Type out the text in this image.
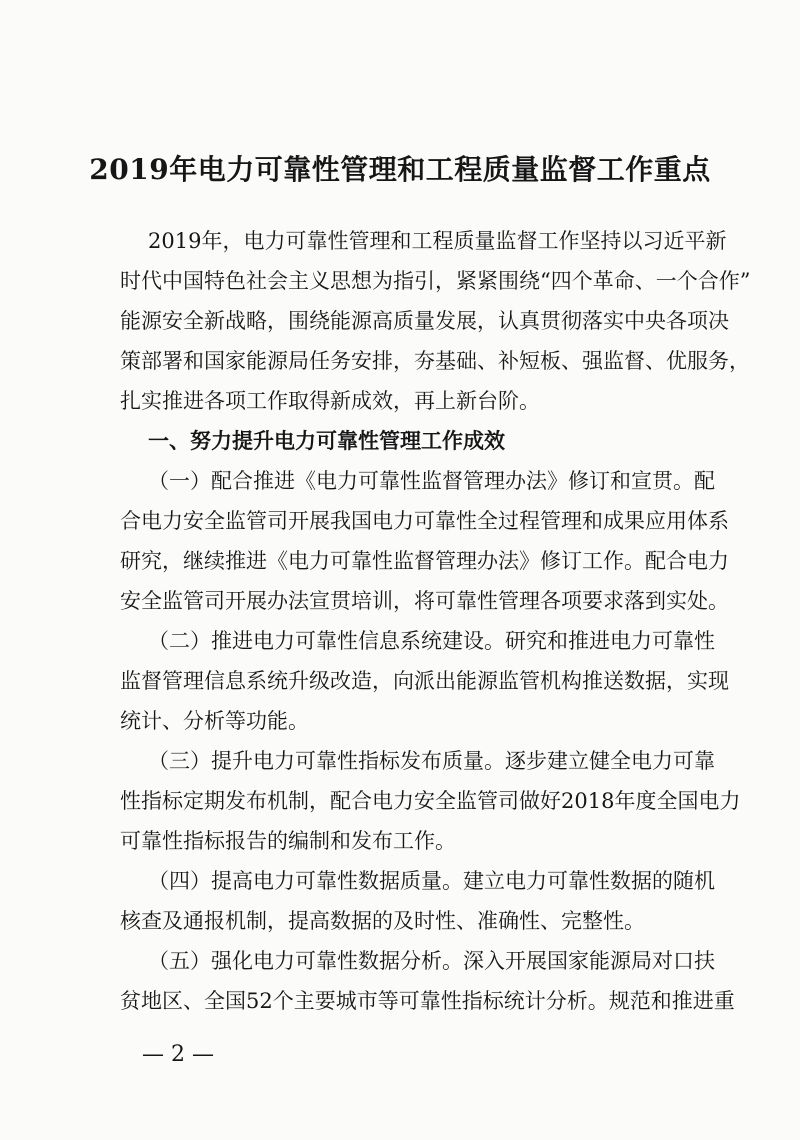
2019年电力可靠性管理和工程质量监督工作重点
2019年，电力可靠性管理和工程质量监督工作坚持以习近平新
时代中国特色社会主义思想为指引，紧紧围绕“四个革命、一个合作”
能源安全新战略，围绕能源高质量发展，认真贯彻落实中央各项决
策部署和国家能源局任务安排，夯基础、补短板、强监督、优服务，
扎实推进各项工作取得新成效，再上新台阶。
一、努力提升电力可靠性管理工作成效
（一）配合推进《电力可靠性监督管理办法》修订和宣贯。配
合电力安全监管司开展我国电力可靠性全过程管理和成果应用体系
研究，继续推进《电力可靠性监督管理办法》修订工作。配合电力
安全监管司开展办法宣贯培训，将可靠性管理各项要求落到实处。
（二）推进电力可靠性信息系统建设。研究和推进电力可靠性
监督管理信息系统升级改造，向派出能源监管机构推送数据，实现
统计、分析等功能。
（三）提升电力可靠性指标发布质量。逐步建立健全电力可靠
性指标定期发布机制，配合电力安全监管司做好2018年度全国电力
可靠性指标报告的编制和发布工作。
（四）提高电力可靠性数据质量。建立电力可靠性数据的随机
核查及通报机制，提高数据的及时性、准确性、完整性。
（五）强化电力可靠性数据分析。深入开展国家能源局对口扶
贫地区、全国52个主要城市等可靠性指标统计分析。规范和推进重
— 2 —
